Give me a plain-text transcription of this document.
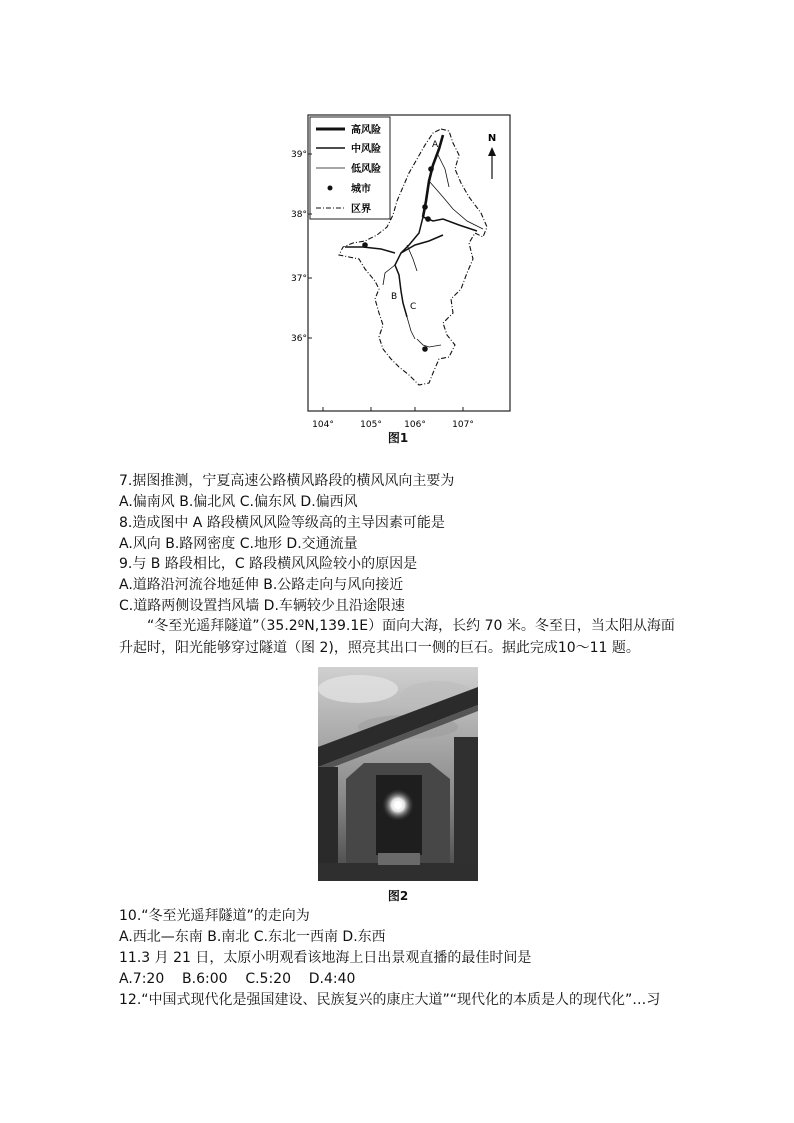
高风险
中风险
低风险
城市
区界
N
39°
38°
37°
36°
104°	105° 106°	107°
A
B
C
图1
7.据图推测，宁夏高速公路横风路段的横风风向主要为
A.偏南风 B.偏北风 C.偏东风 D.偏西风
8.造成图中 A 路段横风风险等级高的主导因素可能是
A.风向 B.路网密度 C.地形 D.交通流量
9.与 B 路段相比，C 路段横风风险较小的原因是
A.道路沿河流谷地延伸 B.公路走向与风向接近
C.道路两侧设置挡风墙 D.车辆较少且沿途限速
“冬至光遥拜隧道”（35.2ºN,139.1E）面向大海，长约 70 米。冬至日，当太阳从海面升起时，阳光能够穿过隧道（图 2)，照亮其出口一侧的巨石。据此完成10～11 题。
图2
10.“冬至光遥拜隧道”的走向为
A.西北—东南 B.南北 C.东北一西南 D.东西
11.3 月 21 日，太原小明观看该地海上日出景观直播的最佳时间是
A.7:20    B.6:00    C.5:20    D.4:40
12.“中国式现代化是强国建设、民族复兴的康庄大道”“现代化的本质是人的现代化”…习
